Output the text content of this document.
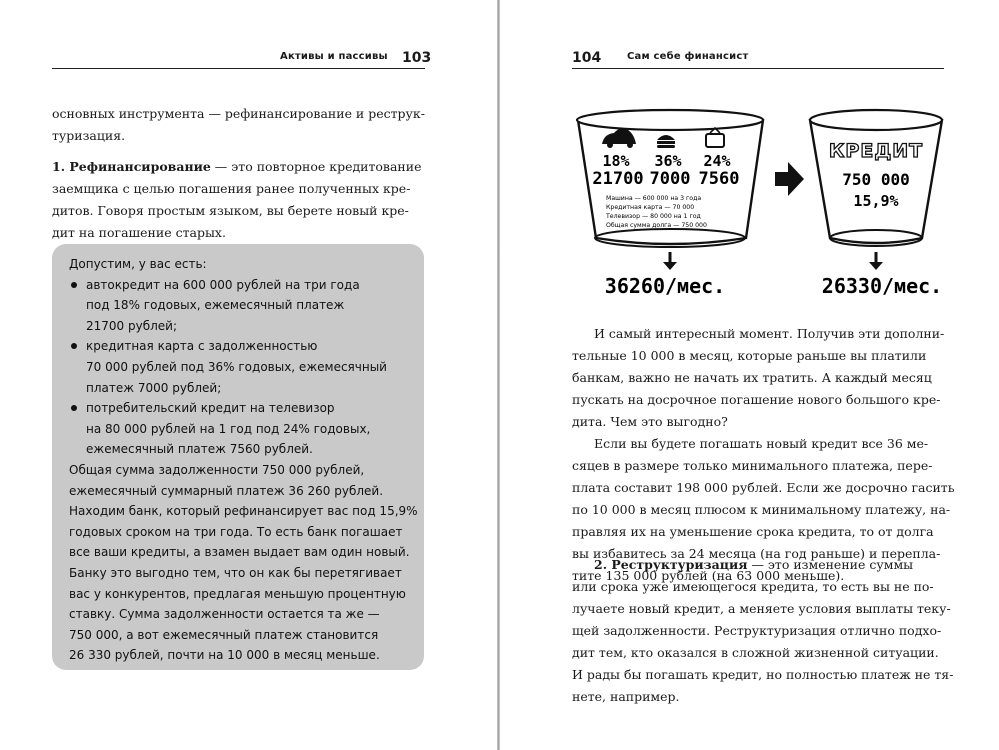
Активы и пассивы 103
основных инструмента — рефинансирование и реструк-
туризация.
1. Рефинансирование — это повторное кредитование
заемщика с целью погашения ранее полученных кре-
дитов. Говоря простым языком, вы берете новый кре-
дит на погашение старых.
Допустим, у вас есть:
автокредит на 600 000 рублей на три года
под 18% годовых, ежемесячный платеж
21700 рублей;
кредитная карта с задолженностью
70 000 рублей под 36% годовых, ежемесячный
платеж 7000 рублей;
потребительский кредит на телевизор
на 80 000 рублей на 1 год под 24% годовых,
ежемесячный платеж 7560 рублей.
Общая сумма задолженности 750 000 рублей,
ежемесячный суммарный платеж 36 260 рублей.
Находим банк, который рефинансирует вас под 15,9%
годовых сроком на три года. То есть банк погашает
все ваши кредиты, а взамен выдает вам один новый.
Банку это выгодно тем, что он как бы перетягивает
вас у конкурентов, предлагая меньшую процентную
ставку. Сумма задолженности остается та же —
750 000, а вот ежемесячный платеж становится
26 330 рублей, почти на 10 000 в месяц меньше.
104	Сам себе финансист
И самый интересный момент. Получив эти дополни-
тельные 10 000 в месяц, которые раньше вы платили
банкам, важно не начать их тратить. А каждый месяц
пускать на досрочное погашение нового большого кре-
дита. Чем это выгодно?
Если вы будете погашать новый кредит все 36 ме-
сяцев в размере только минимального платежа, пере-
плата составит 198 000 рублей. Если же досрочно гасить
по 10 000 в месяц плюсом к минимальному платежу, на-
правляя их на уменьшение срока кредита, то от долга
вы избавитесь за 24 месяца (на год раньше) и перепла-
тите 135 000 рублей (на 63 000 меньше).
2. Реструктуризация — это изменение суммы
или срока уже имеющегося кредита, то есть вы не по-
лучаете новый кредит, а меняете условия выплаты теку-
щей задолженности. Реструктуризация отлично подхо-
дит тем, кто оказался в сложной жизненной ситуации.
И рады бы погашать кредит, но полностью платеж не тя-
нете, например.
18% 36% 24%
21700 7000 7560
Машина — 600 000 на 3 года
Кредитная карта — 70 000
Телевизор — 80 000 на 1 год
Общая сумма долга — 750 000
КРЕДИТ
750 000
15,9%
36260/мес.	26330/мес.
